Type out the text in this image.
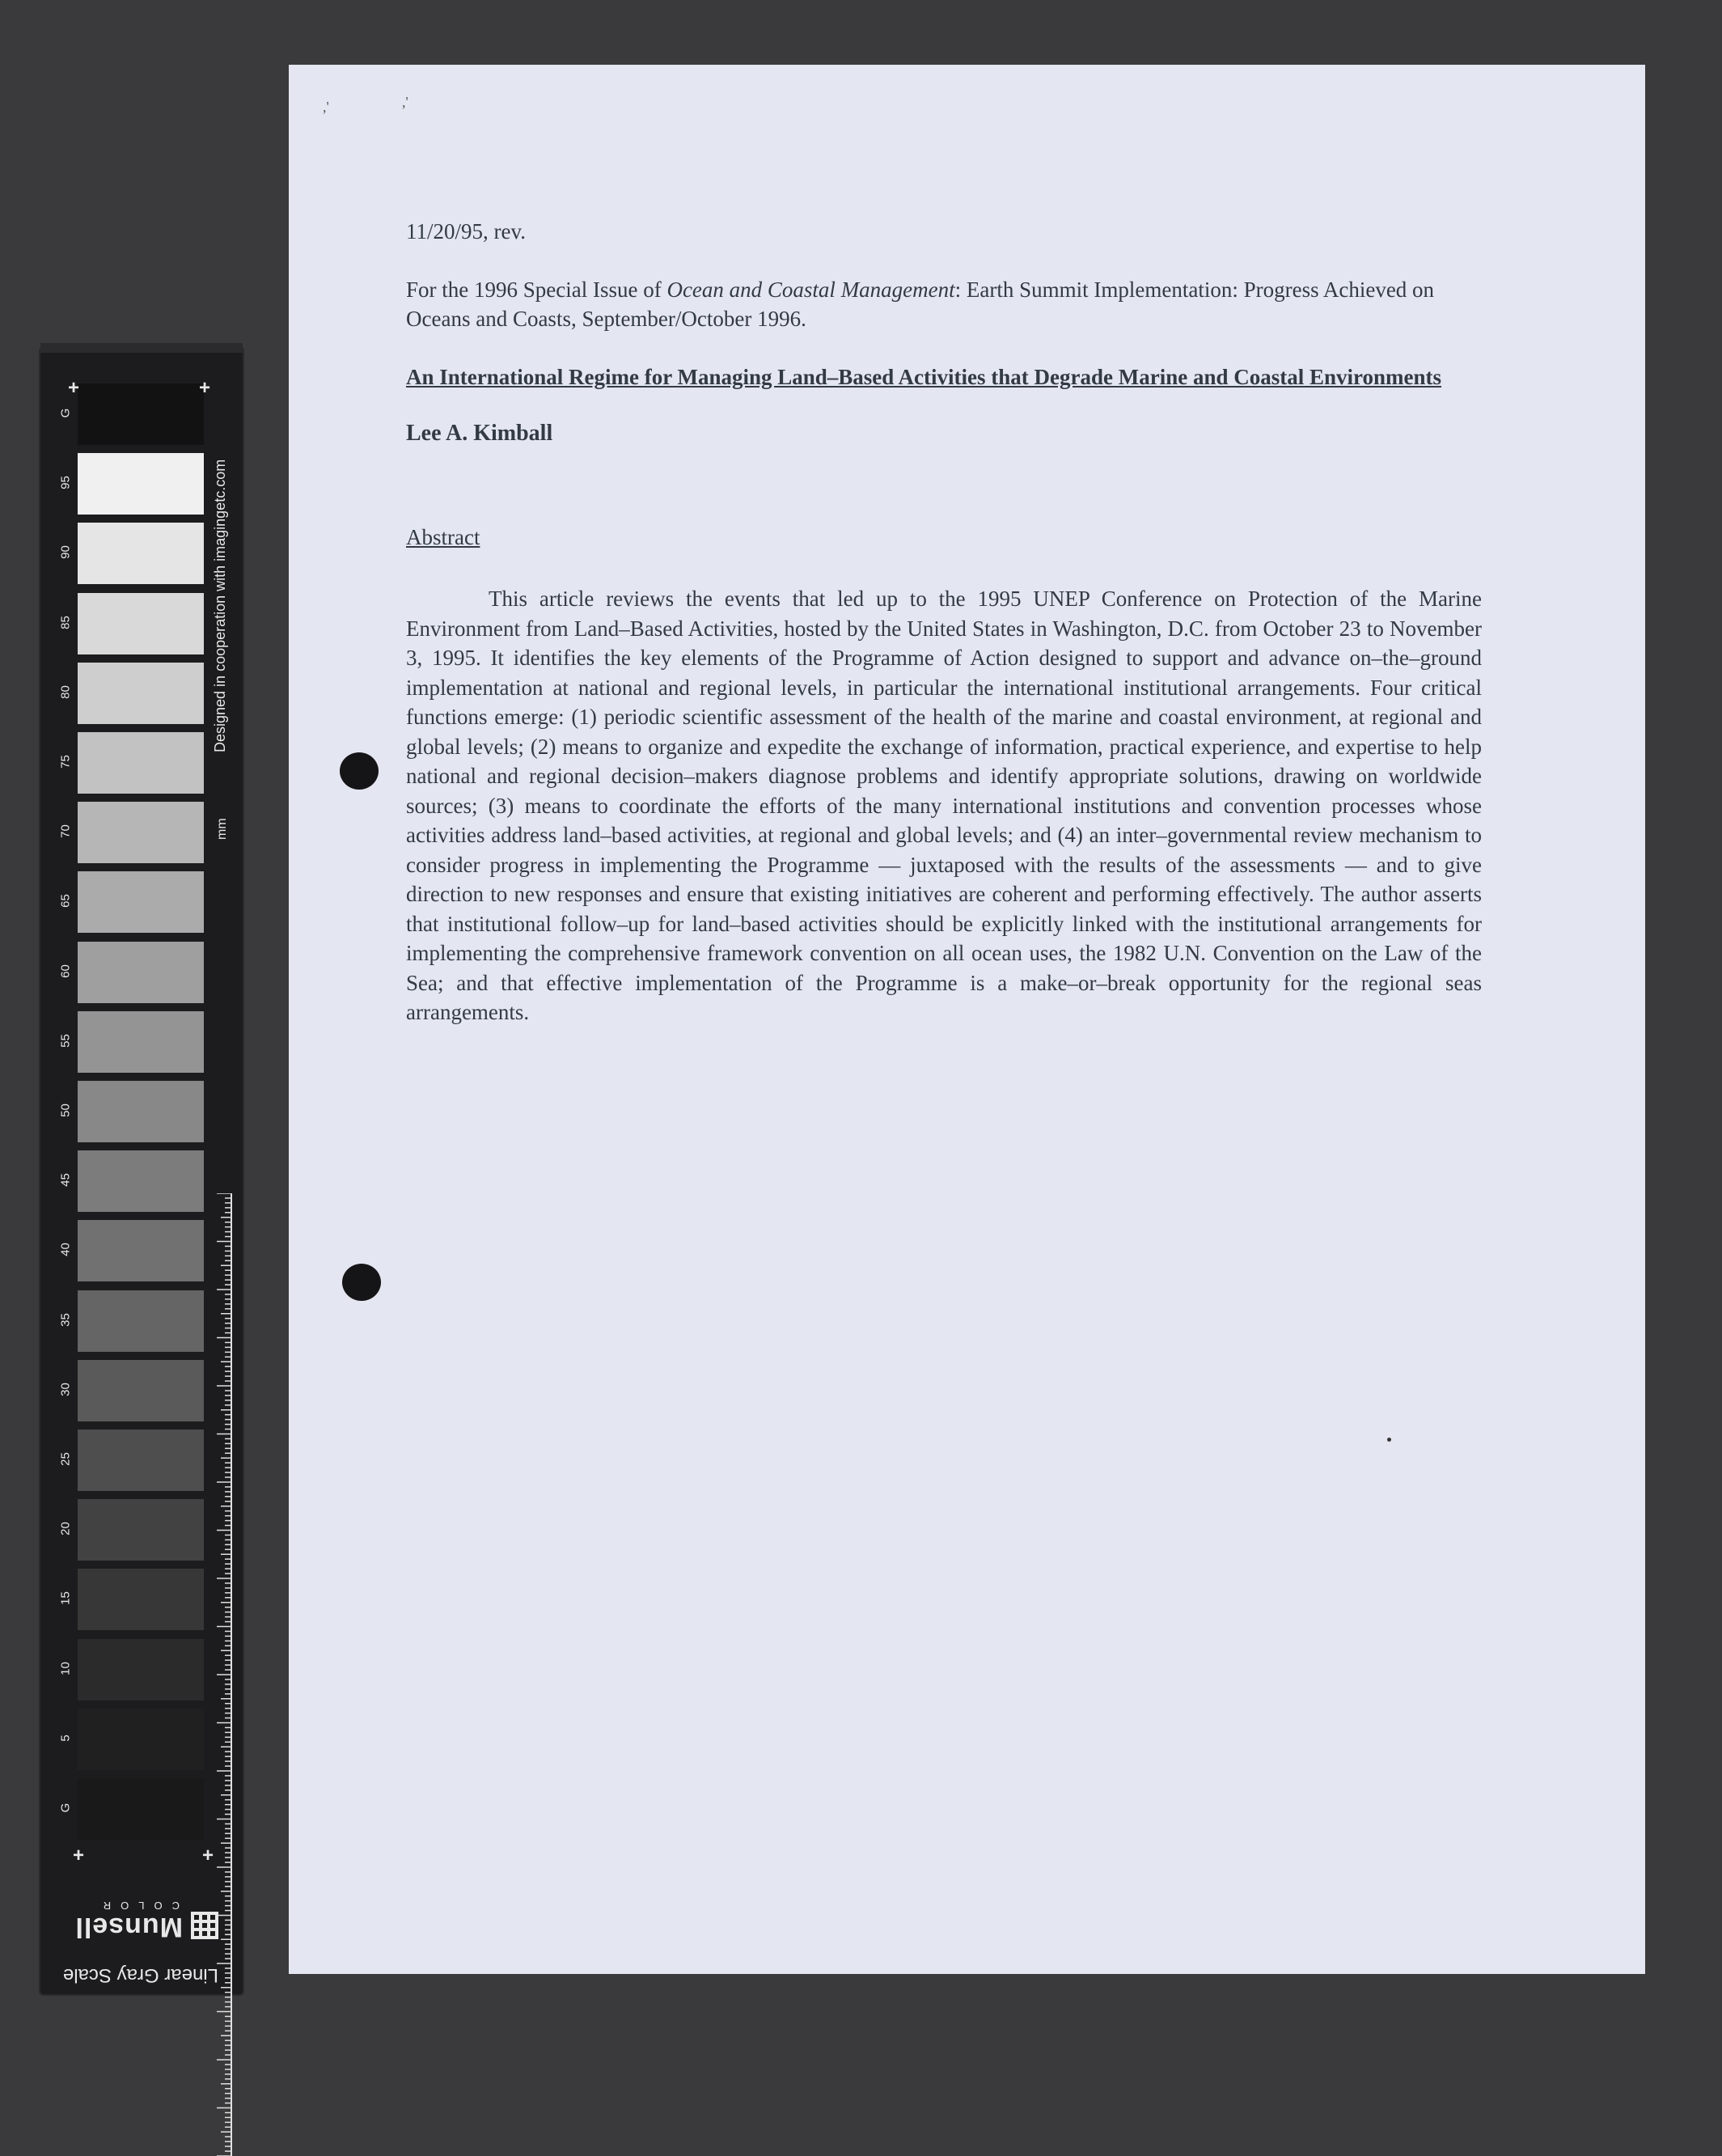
G
95
90
85
80
75
70
65
60
55
50
45
40
35
30
25
20
15
10
5
G
+	+
+	+
Designed in cooperation with imagingetc.com
mm
Linear Gray Scale
Munsell
COLOR
,'	,'

11/20/95, rev.

For the 1996 Special Issue of Ocean and Coastal Management: Earth Summit Implementation: Progress Achieved on Oceans and Coasts, September/October 1996.

An International Regime for Managing Land–Based Activities that Degrade Marine and Coastal Environments

Lee A. Kimball

Abstract

This article reviews the events that led up to the 1995 UNEP Conference on Protection of the Marine Environment from Land–Based Activities, hosted by the United States in Washington, D.C. from October 23 to November 3, 1995. It identifies the key elements of the Programme of Action designed to support and advance on–the–ground implementation at national and regional levels, in particular the international institutional arrangements. Four critical functions emerge: (1) periodic scientific assessment of the health of the marine and coastal environment, at regional and global levels; (2) means to organize and expedite the exchange of information, practical experience, and expertise to help national and regional decision–makers diagnose problems and identify appropriate solutions, drawing on worldwide sources; (3) means to coordinate the efforts of the many international institutions and convention processes whose activities address land–based activities, at regional and global levels; and (4) an inter–governmental review mechanism to consider progress in implementing the Programme –– juxtaposed with the results of the assessments –– and to give direction to new responses and ensure that existing initiatives are coherent and performing effectively. The author asserts that institutional follow–up for land–based activities should be explicitly linked with the institutional arrangements for implementing the comprehensive framework convention on all ocean uses, the 1982 U.N. Convention on the Law of the Sea; and that effective implementation of the Programme is a make–or–break opportunity for the regional seas arrangements.
